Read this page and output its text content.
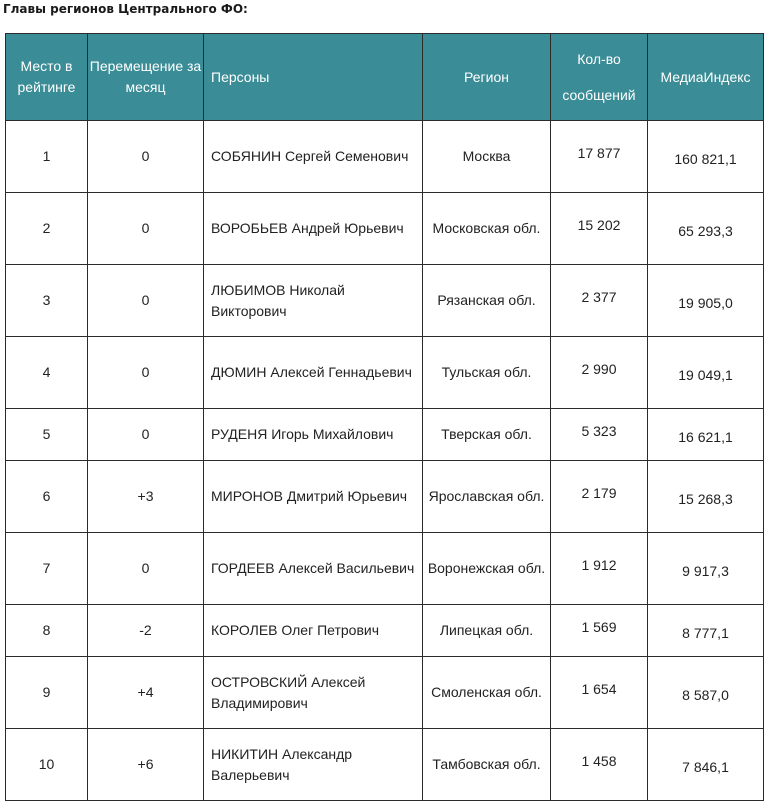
Главы регионов Центрального ФО:
Место в рейтинге	Перемещение за месяц	Персоны	Регион	Кол-во сообщений	МедиаИндекс
1	0	СОБЯНИН Сергей Семенович	Москва	17 877	160 821,1
2	0	ВОРОБЬЕВ Андрей Юрьевич	Московская обл.	15 202	65 293,3
3	0	ЛЮБИМОВ Николай Викторович	Рязанская обл.	2 377	19 905,0
4	0	ДЮМИН Алексей Геннадьевич	Тульская обл.	2 990	19 049,1
5	0	РУДЕНЯ Игорь Михайлович	Тверская обл.	5 323	16 621,1
6	+3	МИРОНОВ Дмитрий Юрьевич	Ярославская обл.	2 179	15 268,3
7	0	ГОРДЕЕВ Алексей Васильевич	Воронежская обл.	1 912	9 917,3
8	-2	КОРОЛЕВ Олег Петрович	Липецкая обл.	1 569	8 777,1
9	+4	ОСТРОВСКИЙ Алексей Владимирович	Смоленская обл.	1 654	8 587,0
10	+6	НИКИТИН Александр Валерьевич	Тамбовская обл.	1 458	7 846,1
